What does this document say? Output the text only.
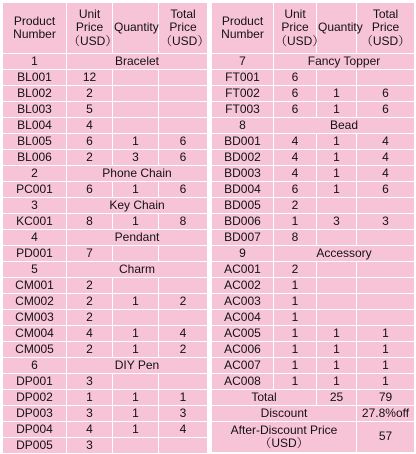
Product Number	Unit Price（USD）	Quantity	Total Price（USD）
1	Bracelet		
BL001	12		
BL002	2		
BL003	5		
BL004	4		
BL005	6	1	6
BL006	2	3	6
2	Phone Chain		
PC001	6	1	6
3	Key Chain		
KC001	8	1	8
4	Pendant		
PD001	7		
5	Charm		
CM001	2		
CM002	2	1	2
CM003	2		
CM004	4	1	4
CM005	2	1	2
6	DIY Pen		
DP001	3		
DP002	1	1	1
DP003	3	1	3
DP004	4	1	4
DP005	3		
Product Number	Unit Price（USD）	Quantity	Total Price（USD）
7	Fancy Topper		
FT001	6		
FT002	6	1	6
FT003	6	1	6
8	Bead		
BD001	4	1	4
BD002	4	1	4
BD003	4	1	4
BD004	6	1	6
BD005	2		
BD006	1	3	3
BD007	8		
9	Accessory		
AC001	2		
AC002	1		
AC003	1		
AC004	1		
AC005	1	1	1
AC006	1	1	1
AC007	1	1	1
AC008	1	1	1
Total		25	79
Discount			27.8%off
After-Discount Price（USD）			57
